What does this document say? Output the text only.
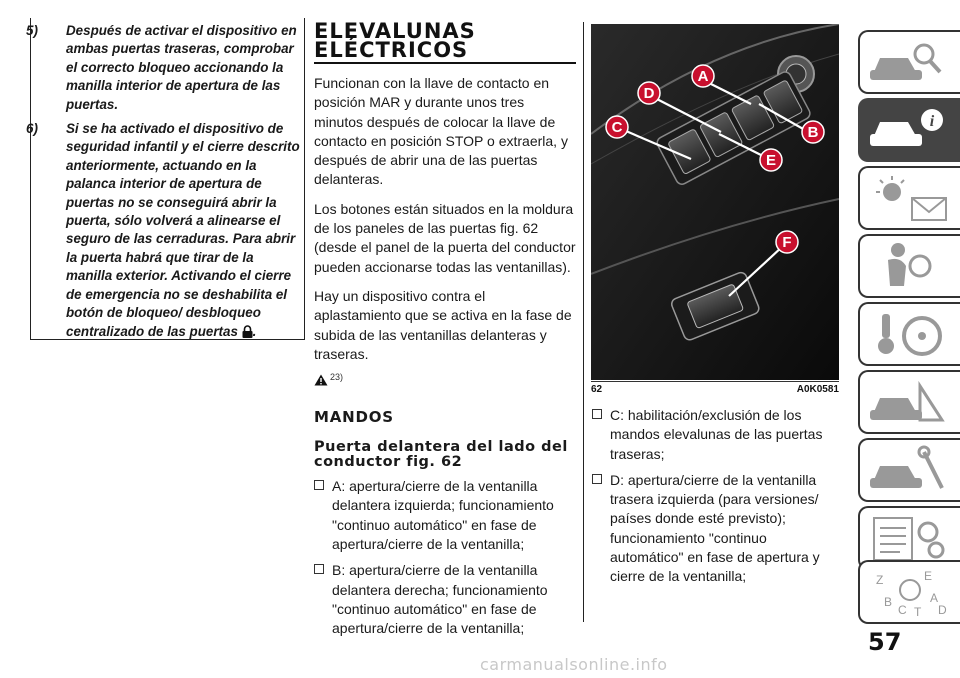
5) Después de activar el dispositivo en ambas puertas traseras, comprobar el correcto bloqueo accionando la manilla interior de apertura de las puertas.

6) Si se ha activado el dispositivo de seguridad infantil y el cierre descrito anteriormente, actuando en la palanca interior de apertura de puertas no se conseguirá abrir la puerta, sólo volverá a alinearse el seguro de las cerraduras. Para abrir la puerta habrá que tirar de la manilla exterior. Activando el cierre de emergencia no se deshabilita el botón de bloqueo/ desbloqueo centralizado de las puertas .

ELEVALUNAS
ELÉCTRICOS

Funcionan con la llave de contacto en posición MAR y durante unos tres minutos después de colocar la llave de contacto en posición STOP o extraerla, y después de abrir una de las puertas delanteras.

Los botones están situados en la moldura de los paneles de las puertas fig. 62 (desde el panel de la puerta del conductor pueden accionarse todas las ventanillas).

Hay un dispositivo contra el aplastamiento que se activa en la fase de subida de las ventanillas delanteras y traseras.

$^{23)}$
MANDOS
Puerta delantera del lado del conductor fig. 62
A: apertura/cierre de la ventanilla delantera izquierda; funcionamiento "continuo automático" en fase de apertura/cierre de la ventanilla;
B: apertura/cierre de la ventanilla delantera derecha; funcionamiento "continuo automático" en fase de apertura/cierre de la ventanilla;
A
D
C	B
E
F
62	A0K0581
C: habilitación/exclusión de los mandos elevalunas de las puertas traseras;
D: apertura/cierre de la ventanilla trasera izquierda (para versiones/ países donde esté previsto); funcionamiento "continuo automático" en fase de apertura y cierre de la ventanilla;
i
Z	E
B	A
C T D
57
carmanualsonline.info
